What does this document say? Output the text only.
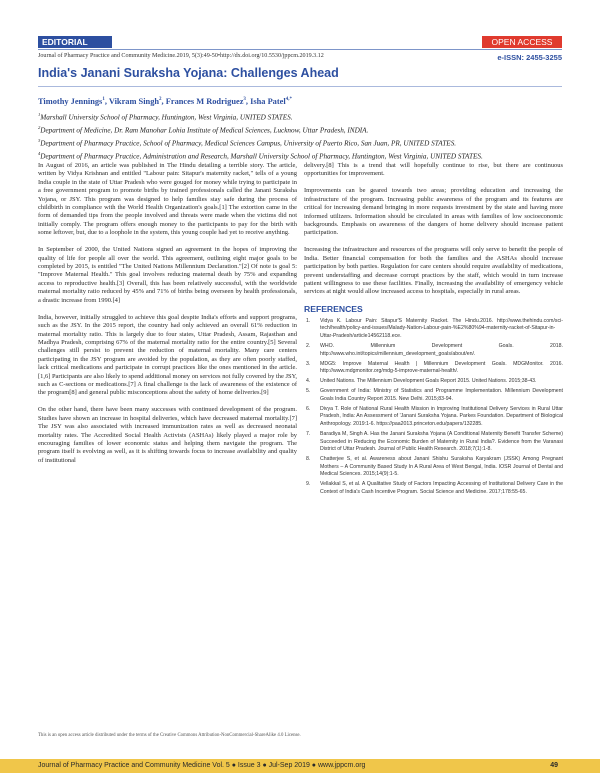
EDITORIAL	OPEN ACCESS
Journal of Pharmacy Practice and Community Medicine.2019, 5(3):49-50•http://dx.doi.org/10.5530/jppcm.2019.3.12	e-ISSN: 2455-3255
India's Janani Suraksha Yojana: Challenges Ahead
Timothy Jennings$^1$, Vikram Singh$^2$, Frances M Rodriguez$^3$, Isha Patel$^{4,*}$

$^1$Marshall University School of Pharmacy, Huntington, West Virginia, UNITED STATES.

$^2$Department of Medicine, Dr. Ram Manohar Lohia Institute of Medical Sciences, Lucknow, Uttar Pradesh, INDIA.

$^3$Department of Pharmacy Practice, School of Pharmacy, Medical Sciences Campus, University of Puerto Rico, San Juan, PR, UNITED STATES.

$^4$Department of Pharmacy Practice, Administration and Research, Marshall University School of Pharmacy, Huntington, West Virginia, UNITED STATES.

In August of 2016, an article was published in The Hindu detailing a terrible story. The article, written by Vidya Krishnan and entitled "Labour pain: Sitapur's maternity racket," tells of a young India couple in the state of Uttar Pradesh who were gouged for money while trying to participate in a free government program to promote births by trained professionals called the Janani Suraksha Yojana, or JSY. This program was designed to help families stay safe during the process of childbirth in compliance with the World Health Organization's goals.[1] The extortion came in the form of demanded tips from the people involved and threats were made when the victims did not initially comply. The program offers enough money to the participants to pay for the birth with some leftover, but, due to a loophole in the system, this young couple had yet to receive anything.

In September of 2000, the United Nations signed an agreement in the hopes of improving the quality of life for people all over the world. This agreement, outlining eight major goals to be completed by 2015, is entitled "The United Nations Millennium Declaration."[2] Of note is goal 5: "Improve Maternal Health." This goal involves reducing maternal death by 75% and expanding access to reproductive health.[3] Overall, this has been relatively successful, with the worldwide maternal mortality ratio reduced by 45% and 71% of births being overseen by health professionals, a drastic increase from 1990.[4]

India, however, initially struggled to achieve this goal despite India's efforts and support programs, such as the JSY. In the 2015 report, the country had only achieved an overall 61% reduction in maternal mortality ratio. This is largely due to four states, Uttar Pradesh, Assam, Rajasthan and Madhya Pradesh, comprising 67% of the maternal mortality ratio for the entire country.[5] Several challenges still persist to prevent the reduction of maternal mortality. Many care centers participating in the JSY program are avoided by the population, as they are often poorly staffed, lack critical medications and participate in corrupt practices like the ones mentioned in the article.[1,6] Participants are also likely to spend additional money on services not fully covered by the JSY, such as C-sections or medications.[7] A final challenge is the lack of awareness of the existence of the program[8] and general public misconceptions about the safety of home deliveries.[9]

On the other hand, there have been many successes with continued development of the program. Studies have shown an increase in hospital deliveries, which have decreased maternal mortality.[7] The JSY was also associated with increased immunization rates as well as decreased neonatal mortality rates. The Accredited Social Health Activists (ASHAs) likely played a major role by encouraging families of lower economic status and helping them navigate the program. The program itself is evolving as well, as it is shifting towards focus to increase availability and quality of institutional

delivery.[8] This is a trend that will hopefully continue to rise, but there are continuous opportunities for improvement.

Improvements can be geared towards two areas; providing education and increasing the infrastructure of the program. Increasing public awareness of the program and its features are critical for increasing demand bringing in more requests investment by the state and having more informed utilizers. Information should be circulated in areas with families of low socioeconomic backgrounds. Emphasis on awareness of the dangers of home delivery should increase patient participation.

Increasing the infrastructure and resources of the programs will only serve to benefit the people of India. Better financial compensation for both the families and the ASHAs should increase participation by both parties. Regulation for care centers should require availability of medications, prevent understaffing and decrease corrupt practices by the staff, which would in turn increase patient willingness to use these facilities. Finally, increasing the availability of emergency vehicle services at night would allow increased access to hospitals, especially in rural areas.

REFERENCES
1.	Vidya K. Labour Pain: Sitapur'S Maternity Racket. The Hindu.2016. http://www.thehindu.com/sci-tech/health/policy-and-issues/Malady-Nation-Labour-pain-%E2%80%94-maternity-racket-of-Sitapur-in-Uttar-Pradesh/article14562118.ece.
2.	WHO. Millennium Development Goals. 2018. http://www.who.int/topics/millennium_development_goals/about/en/.
3.	MDG5: Improve Maternal Health | Millennium Development Goals. MDGMonitor. 2016. http://www.mdgmonitor.org/mdg-5-improve-maternal-health/.
4.	United Nations. The Millennium Development Goals Report 2015. United Nations. 2015;38-43.
5.	Government of India: Ministry of Statistics and Programme Implementation. Millennium Development Goals India Country Report 2015. New Delhi. 2015;83-94.
6.	Divya T. Role of National Rural Health Mission in Improving Institutional Delivery Services in Rural Uttar Pradesh, India: An Assessment of 'Janani Suraksha Yojana. Parkes Foundation. Department of Biological Anthropology. 2019:1-6. https://paa2013.princeton.edu/papers/132285.
7.	Baradiya M, Singh A. Has the Janani Suraksha Yojana (A Conditional Maternity Benefit Transfer Scheme) Succeeded in Reducing the Economic Burden of Maternity in Rural India?. Evidence from the Varanasi District of Uttar Pradesh. Journal of Public Health Research. 2018;7(1):1-8.
8.	Chatterjee S, et al. Awareness about Janani Shishu Suraksha Karyakram (JSSK) Among Pregnant Mothers – A Community Based Study In A Rural Area of West Bengal, India. IOSR Journal of Dental and Medical Sciences. 2015;14(9):1-5.
9.	Vellakkal S, et al. A Qualitative Study of Factors Impacting Accessing of Institutional Delivery Care in the Context of India's Cash Incentive Program. Social Science and Medicine. 2017;178:55-65.
This is an open access article distributed under the terms of the Creative Commons Attribution-NonCommercial-ShareAlike 4.0 License.
Journal of Pharmacy Practice and Community Medicine Vol. 5 ● Issue 3 ● Jul-Sep 2019 ● www.jppcm.org	49
